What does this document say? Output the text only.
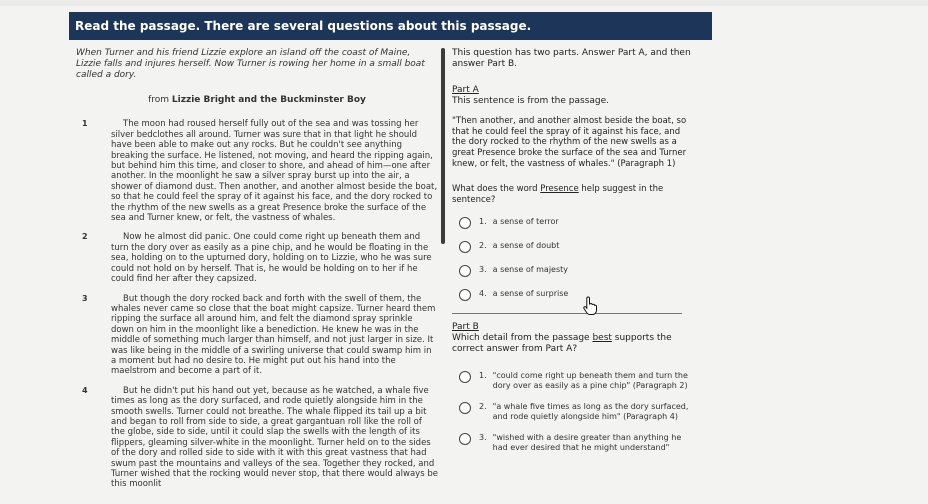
Read the passage. There are several questions about this passage.
When Turner and his friend Lizzie explore an island off the coast of Maine, Lizzie falls and injures herself. Now Turner is rowing her home in a small boat called a dory.
from Lizzie Bright and the Buckminster Boy
1	The moon had roused herself fully out of the sea and was tossing her silver bedclothes all around. Turner was sure that in that light he should have been able to make out any rocks. But he couldn't see anything breaking the surface. He listened, not moving, and heard the ripping again, but behind him this time, and closer to shore, and ahead of him—one after another. In the moonlight he saw a silver spray burst up into the air, a shower of diamond dust. Then another, and another almost beside the boat, so that he could feel the spray of it against his face, and the dory rocked to the rhythm of the new swells as a great Presence broke the surface of the sea and Turner knew, or felt, the vastness of whales.
2	Now he almost did panic. One could come right up beneath them and turn the dory over as easily as a pine chip, and he would be floating in the sea, holding on to the upturned dory, holding on to Lizzie, who he was sure could not hold on by herself. That is, he would be holding on to her if he could find her after they capsized.
3	But though the dory rocked back and forth with the swell of them, the whales never came so close that the boat might capsize. Turner heard them ripping the surface all around him, and felt the diamond spray sprinkle down on him in the moonlight like a benediction. He knew he was in the middle of something much larger than himself, and not just larger in size. It was like being in the middle of a swirling universe that could swamp him in a moment but had no desire to. He might put out his hand into the maelstrom and become a part of it.
4	But he didn't put his hand out yet, because as he watched, a whale five times as long as the dory surfaced, and rode quietly alongside him in the smooth swells. Turner could not breathe. The whale flipped its tail up a bit and began to roll from side to side, a great gargantuan roll like the roll of the globe, side to side, until it could slap the swells with the length of its flippers, gleaming silver-white in the moonlight. Turner held on to the sides of the dory and rolled side to side with it with this great vastness that had swum past the mountains and valleys of the sea. Together they rocked, and Turner wished that the rocking would never stop, that there would always be this moonlit
This question has two parts. Answer Part A, and then answer Part B.
Part A
This sentence is from the passage.
"Then another, and another almost beside the boat, so that he could feel the spray of it against his face, and the dory rocked to the rhythm of the new swells as a great Presence broke the surface of the sea and Turner knew, or felt, the vastness of whales." (Paragraph 1)
What does the word Presence help suggest in the sentence?
1. a sense of terror
2. a sense of doubt
3. a sense of majesty
4. a sense of surprise
Part B
Which detail from the passage best supports the correct answer from Part A?
1. "could come right up beneath them and turn the dory over as easily as a pine chip" (Paragraph 2)
2. "a whale five times as long as the dory surfaced, and rode quietly alongside him" (Paragraph 4)
3. "wished with a desire greater than anything he had ever desired that he might understand"
